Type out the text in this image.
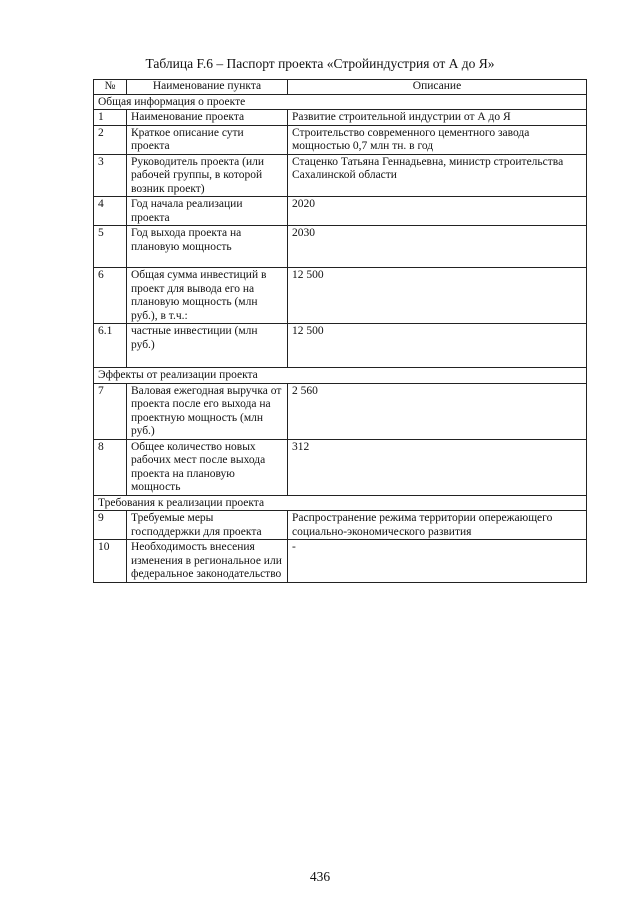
Таблица F.6 – Паспорт проекта «Стройиндустрия от А до Я»
№	Наименование пункта	Описание
Общая информация о проекте		
1	Наименование проекта	Развитие строительной индустрии от А до Я
2	Краткое описание сути проекта	Строительство современного цементного завода мощностью 0,7 млн тн. в год
3	Руководитель проекта (или рабочей группы, в которой возник проект)	Стаценко Татьяна Геннадьевна, министр строительства Сахалинской области
4	Год начала реализации проекта	2020
5	Год выхода проекта на плановую мощность	2030
6	Общая сумма инвестиций в проект для вывода его на плановую мощность (млн руб.), в т.ч.:	12 500
6.1	частные инвестиции (млн руб.)	12 500
Эффекты от реализации проекта		
7	Валовая ежегодная выручка от проекта после его выхода на проектную мощность (млн руб.)	2 560
8	Общее количество новых рабочих мест после выхода проекта на плановую мощность	312
Требования к реализации проекта		
9	Требуемые меры господдержки для проекта	Распространение режима территории опережающего социально-экономического развития
10	Необходимость внесения изменения в региональное или федеральное законодательство	-
436
